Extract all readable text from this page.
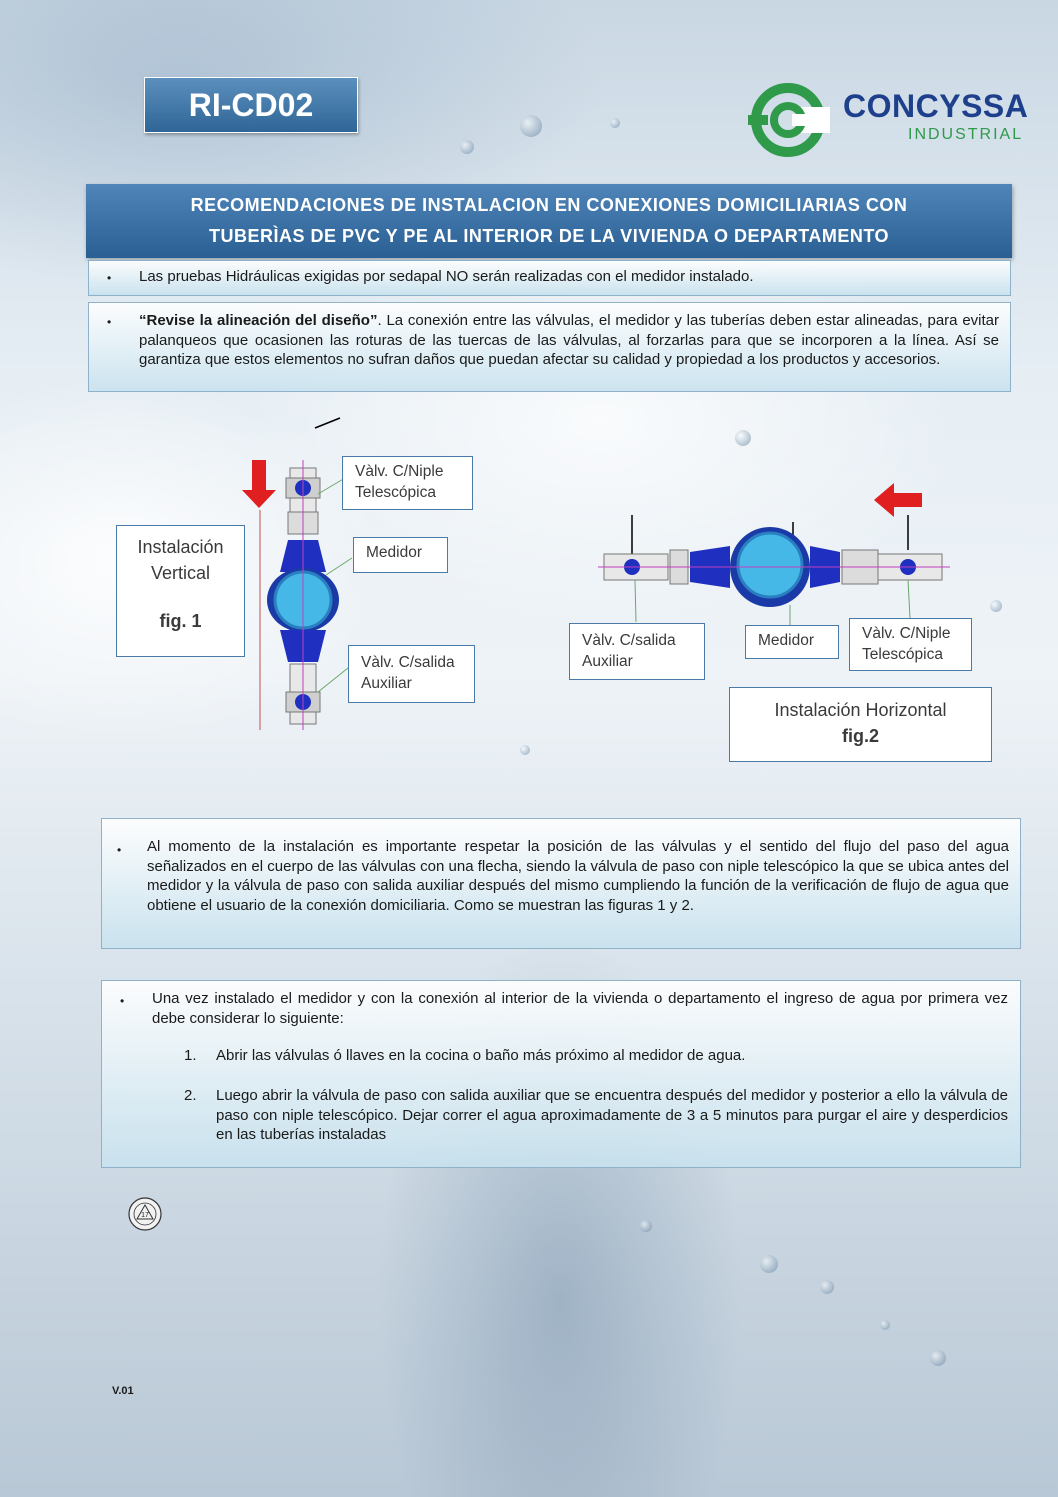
RI-CD02	CONCYSSA
INDUSTRIAL
RECOMENDACIONES DE INSTALACION EN CONEXIONES DOMICILIARIAS CON
TUBERÌAS DE PVC Y PE AL INTERIOR DE LA VIVIENDA O DEPARTAMENTO
• Las pruebas Hidráulicas exigidas por sedapal NO serán realizadas con el medidor instalado.
• “Revise la alineación del diseño”. La conexión entre las válvulas, el medidor y las tuberías deben estar alineadas, para evitar palanqueos que ocasionen las roturas de las tuercas de las válvulas, al forzarlas para que se incorporen a la línea. Así se garantiza que estos elementos no sufran daños que puedan afectar su calidad y propiedad a los productos y accesorios.
Instalación Vertical
fig. 1
Vàlv. C/Niple
Telescópica
Medidor
Vàlv. C/salida
Auxiliar
Vàlv. C/salida
Auxiliar
Medidor	Vàlv. C/Niple
Telescópica
Instalación Horizontal
fig.2
• Al momento de la instalación es importante respetar la posición de las válvulas y el sentido del flujo del paso del agua señalizados en el cuerpo de las válvulas con una flecha, siendo la válvula de paso con niple telescópico la que se ubica antes del medidor y la válvula de paso con salida auxiliar después del mismo cumpliendo la función de la verificación de flujo de agua que obtiene el usuario de la conexión domiciliaria. Como se muestran las figuras 1 y 2.
• Una vez instalado el medidor y con la conexión al interior de la vivienda o departamento el ingreso de agua por primera vez debe considerar lo siguiente:
1. Abrir las válvulas ó llaves en la cocina o baño más próximo al medidor de agua.
2. Luego abrir la válvula de paso con salida auxiliar que se encuentra después del medidor y posterior a ello la válvula de paso con niple telescópico. Dejar correr el agua aproximadamente de 3 a 5 minutos para purgar el aire y desperdicios en las tuberías instaladas
17
V.01
